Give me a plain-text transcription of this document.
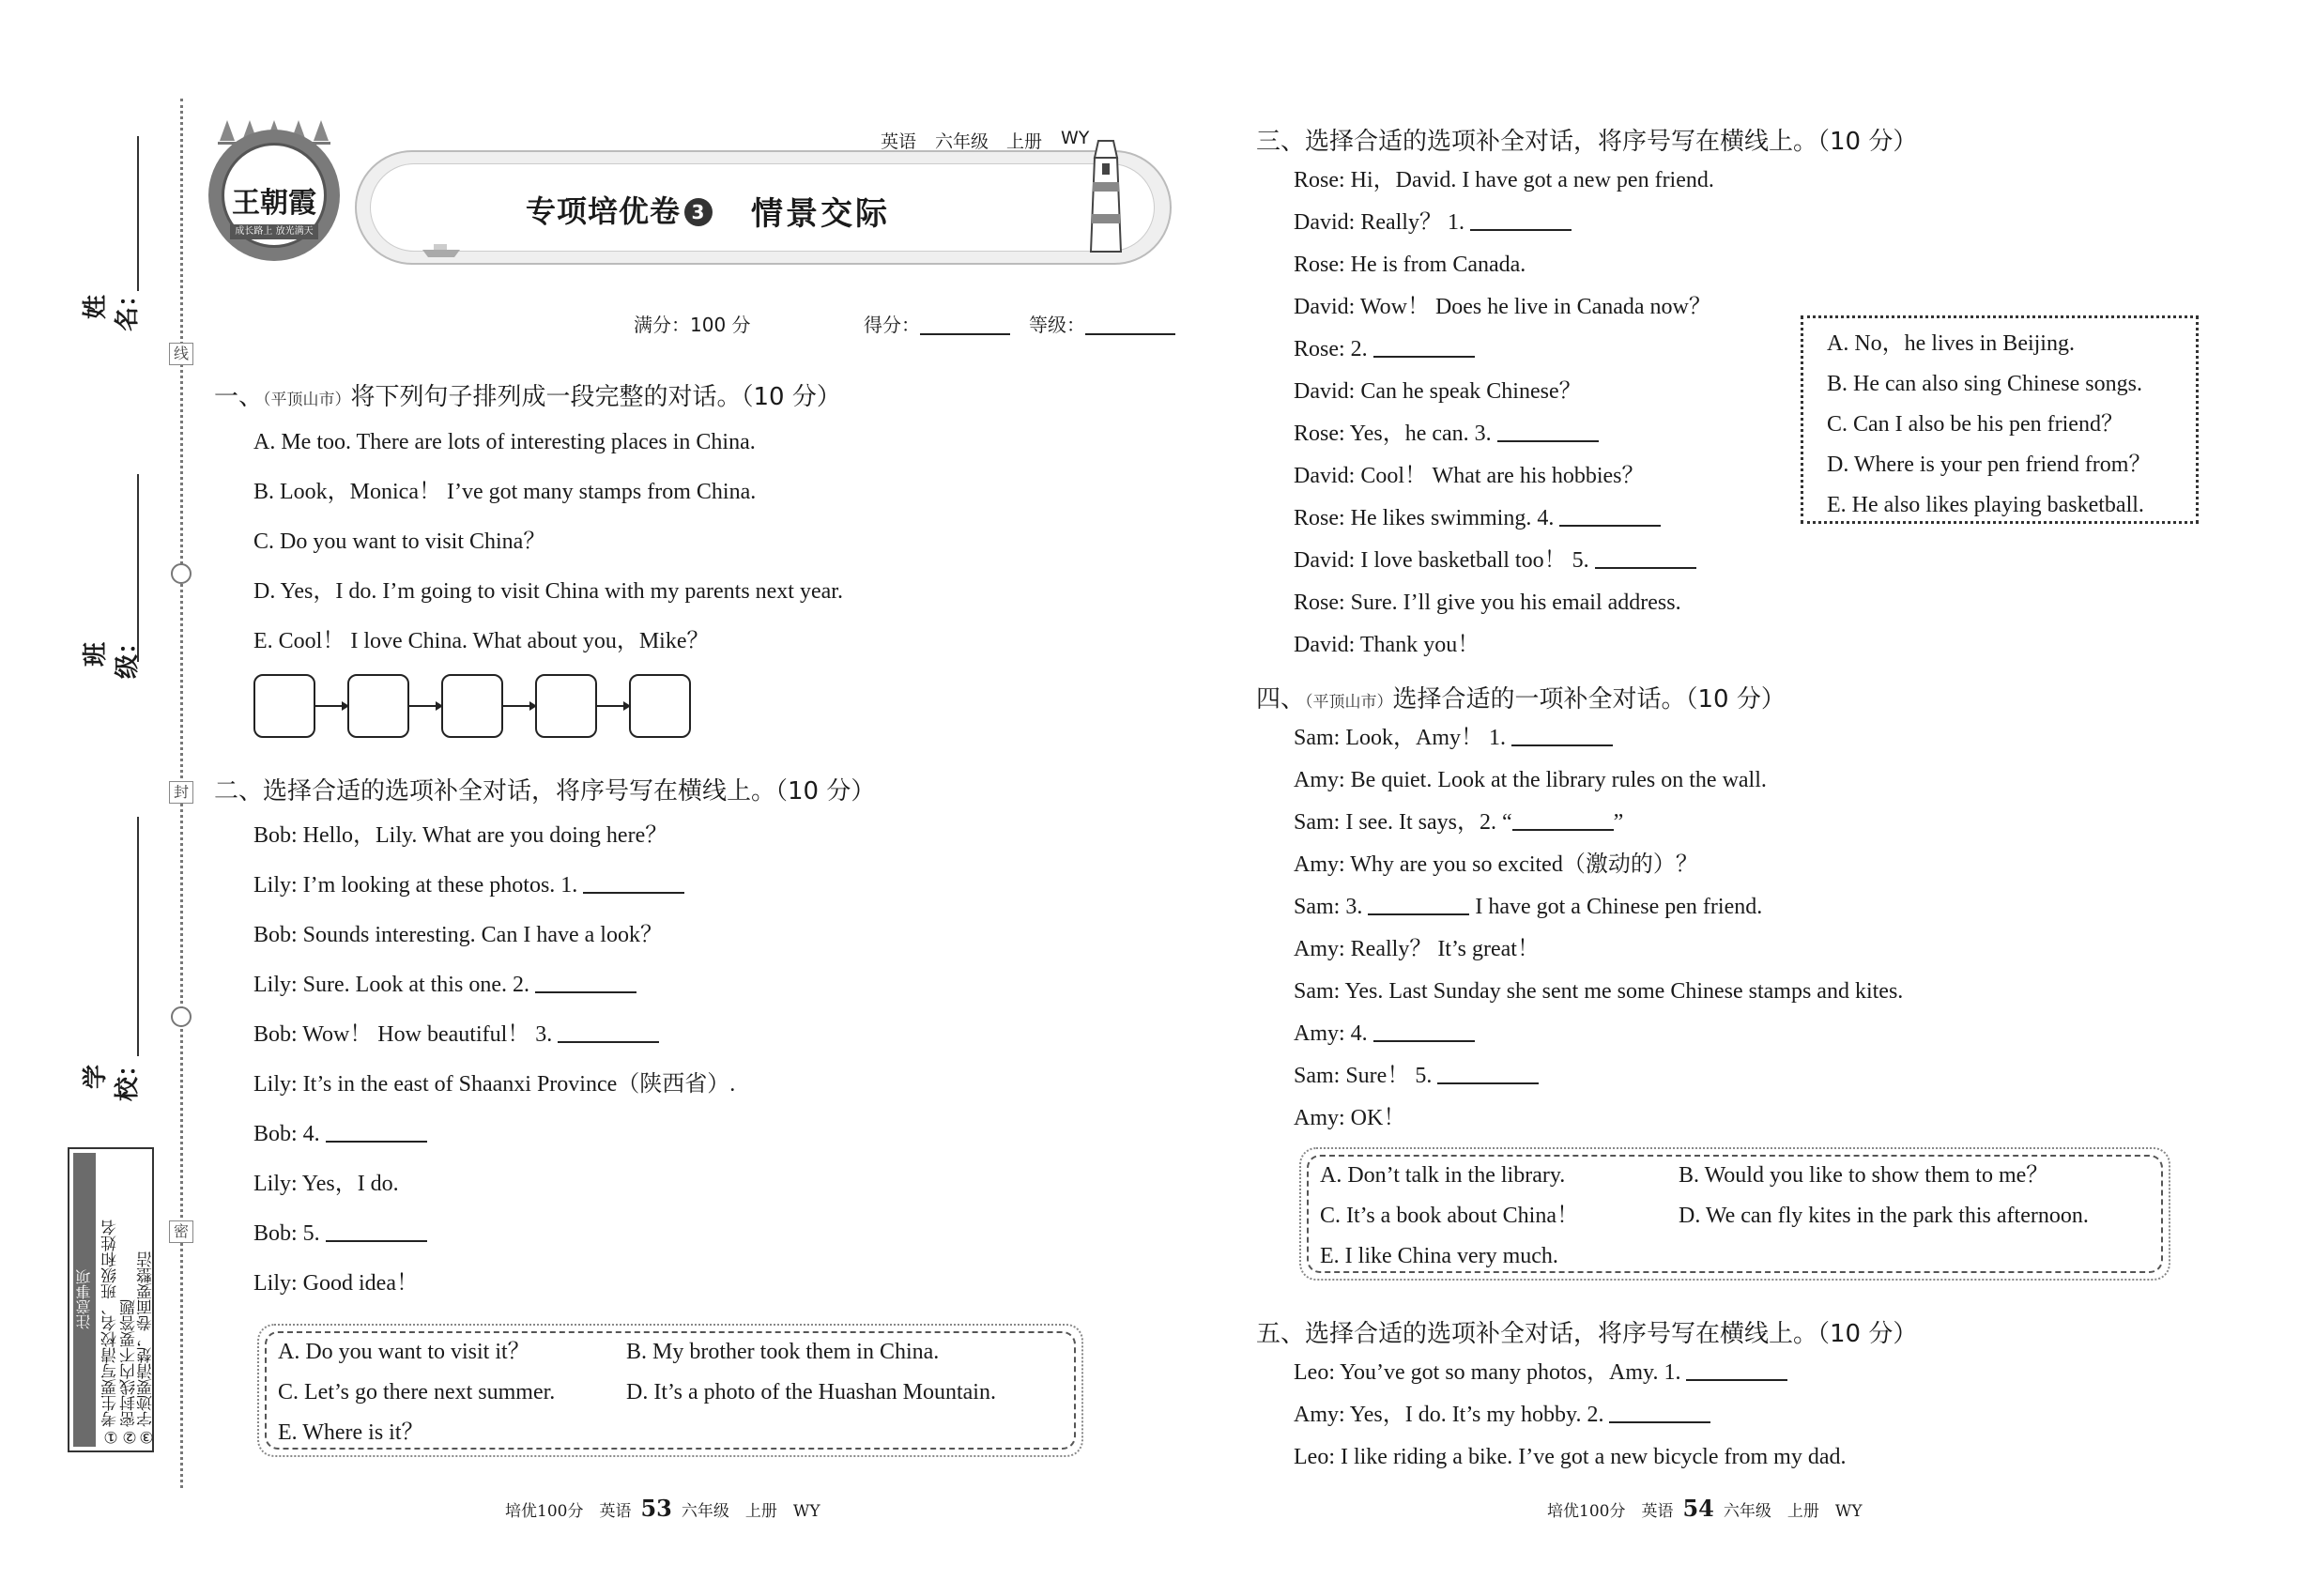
线
封
密
姓 名：
班 级：
学 校：
注意事项 ①考生要写清校名、班级和姓名 ②密封线内不要答题
③字迹要清楚，卷面要整洁
王朝霞
成长路上 放光满天
英语 六年级 上册 WY
专项培优卷 3	情景交际
满分：100 分	得分：	等级：
一、（平顶山市）将下列句子排列成一段完整的对话。（10 分）
A. Me too. There are lots of interesting places in China.
B. Look，Monica！ I’ve got many stamps from China.
C. Do you want to visit China？
D. Yes，I do. I’m going to visit China with my parents next year.
E. Cool！ I love China. What about you，Mike？
二、选择合适的选项补全对话，将序号写在横线上。（10 分）
Bob: Hello，Lily. What are you doing here？
Lily: I’m looking at these photos. 1.
Bob: Sounds interesting. Can I have a look？
Lily: Sure. Look at this one. 2.
Bob: Wow！ How beautiful！ 3.
Lily: It’s in the east of Shaanxi Province（陕西省）.
Bob: 4.
Lily: Yes，I do.
Bob: 5.
Lily: Good idea！
A. Do you want to visit it？	B. My brother took them in China.
C. Let’s go there next summer.	D. It’s a photo of the Huashan Mountain.
E. Where is it？
三、选择合适的选项补全对话，将序号写在横线上。（10 分）
Rose: Hi，David. I have got a new pen friend.
David: Really？ 1.
Rose: He is from Canada.
David: Wow！ Does he live in Canada now？
Rose: 2.
David: Can he speak Chinese？
Rose: Yes，he can. 3.
David: Cool！ What are his hobbies？
Rose: He likes swimming. 4.
David: I love basketball too！ 5.
Rose: Sure. I’ll give you his email address.
David: Thank you！
A. No，he lives in Beijing.
B. He can also sing Chinese songs.
C. Can I also be his pen friend？
D. Where is your pen friend from？
E. He also likes playing basketball.
四、（平顶山市）选择合适的一项补全对话。（10 分）
Sam: Look，Amy！ 1.
Amy: Be quiet. Look at the library rules on the wall.
Sam: I see. It says，2. “	”
Amy: Why are you so excited（激动的）？
Sam: 3.	I have got a Chinese pen friend.
Amy: Really？ It’s great！
Sam: Yes. Last Sunday she sent me some Chinese stamps and kites.
Amy: 4.
Sam: Sure！ 5.
Amy: OK！
A. Don’t talk in the library.	B. Would you like to show them to me？
C. It’s a book about China！	D. We can fly kites in the park this afternoon.
E. I like China very much.
五、选择合适的选项补全对话，将序号写在横线上。（10 分）
Leo: You’ve got so many photos，Amy. 1.
Amy: Yes，I do. It’s my hobby. 2.
Leo: I like riding a bike. I’ve got a new bicycle from my dad.
培优100分　英语 53 六年级　上册　WY	培优100分　英语 54 六年级　上册　WY
